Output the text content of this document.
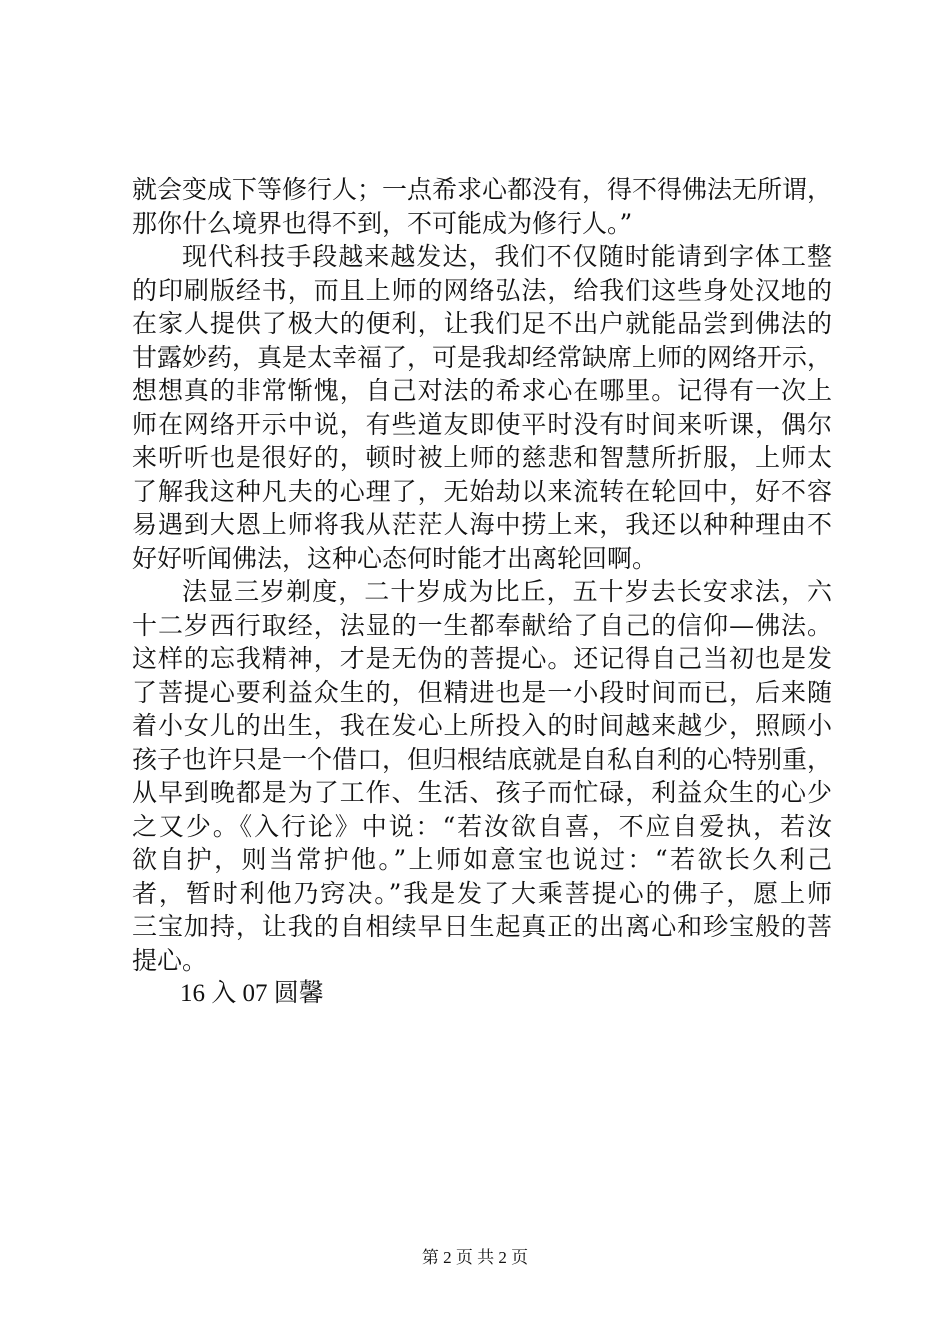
就会变成下等修行人；一点希求心都没有，得不得佛法无所谓，
那你什么境界也得不到，不可能成为修行人。”
现代科技手段越来越发达，我们不仅随时能请到字体工整
的印刷版经书，而且上师的网络弘法，给我们这些身处汉地的
在家人提供了极大的便利，让我们足不出户就能品尝到佛法的
甘露妙药，真是太幸福了，可是我却经常缺席上师的网络开示，
想想真的非常惭愧，自己对法的希求心在哪里。记得有一次上
师在网络开示中说，有些道友即使平时没有时间来听课，偶尔
来听听也是很好的，顿时被上师的慈悲和智慧所折服，上师太
了解我这种凡夫的心理了，无始劫以来流转在轮回中，好不容
易遇到大恩上师将我从茫茫人海中捞上来，我还以种种理由不
好好听闻佛法，这种心态何时能才出离轮回啊。
法显三岁剃度，二十岁成为比丘，五十岁去长安求法，六
十二岁西行取经，法显的一生都奉献给了自己的信仰—佛法。
这样的忘我精神，才是无伪的菩提心。还记得自己当初也是发
了菩提心要利益众生的，但精进也是一小段时间而已，后来随
着小女儿的出生，我在发心上所投入的时间越来越少，照顾小
孩子也许只是一个借口，但归根结底就是自私自利的心特别重，
从早到晚都是为了工作、生活、孩子而忙碌，利益众生的心少
之又少。《入行论》中说：“若汝欲自喜，不应自爱执，若汝
欲自护，则当常护他。”上师如意宝也说过：“若欲长久利己
者，暂时利他乃窍决。”我是发了大乘菩提心的佛子，愿上师
三宝加持，让我的自相续早日生起真正的出离心和珍宝般的菩
提心。
16 入 07 圆馨
第 2 页 共 2 页
